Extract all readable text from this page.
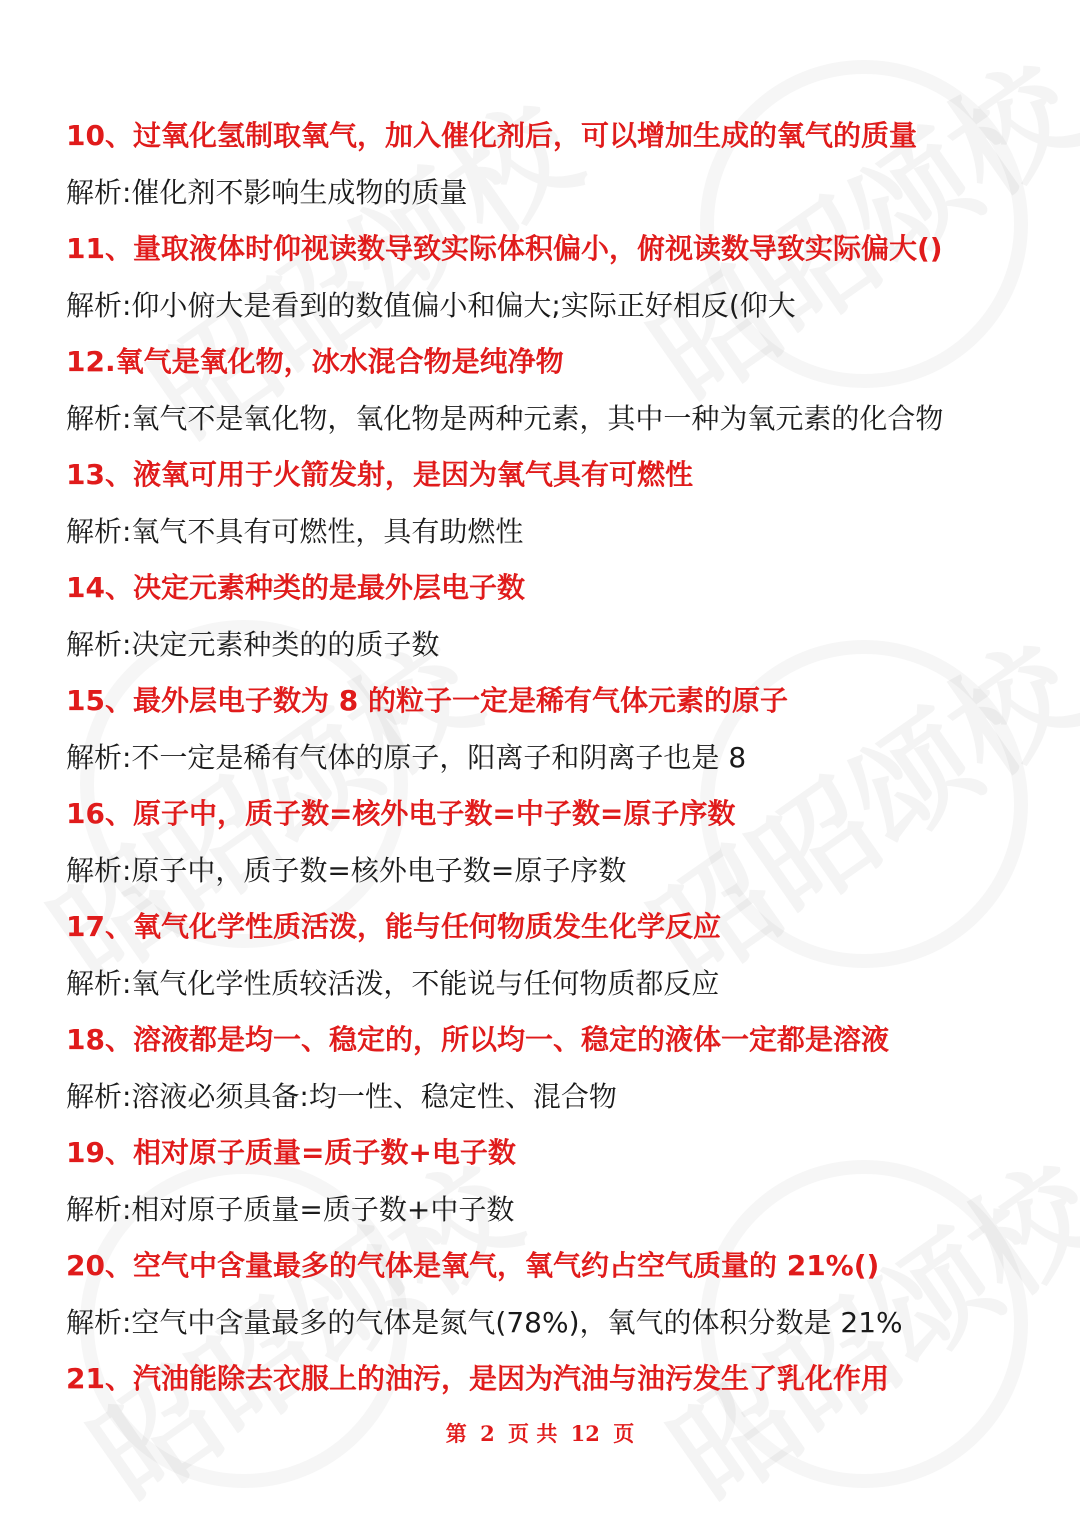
10、过氧化氢制取氧气，加入催化剂后，可以增加生成的氧气的质量
解析:催化剂不影响生成物的质量
11、量取液体时仰视读数导致实际体积偏小，俯视读数导致实际偏大()
解析:仰小俯大是看到的数值偏小和偏大;实际正好相反(仰大
12.氧气是氧化物，冰水混合物是纯净物
解析:氧气不是氧化物，氧化物是两种元素，其中一种为氧元素的化合物
13、液氧可用于火箭发射，是因为氧气具有可燃性
解析:氧气不具有可燃性，具有助燃性
14、决定元素种类的是最外层电子数
解析:决定元素种类的的质子数
15、最外层电子数为 8 的粒子一定是稀有气体元素的原子
解析:不一定是稀有气体的原子，阳离子和阴离子也是 8
16、原子中，质子数=核外电子数=中子数=原子序数
解析:原子中，质子数=核外电子数=原子序数
17、氧气化学性质活泼，能与任何物质发生化学反应
解析:氧气化学性质较活泼，不能说与任何物质都反应
18、溶液都是均一、稳定的，所以均一、稳定的液体一定都是溶液
解析:溶液必须具备:均一性、稳定性、混合物
19、相对原子质量=质子数+电子数
解析:相对原子质量=质子数+中子数
20、空气中含量最多的气体是氧气，氧气约占空气质量的 21%()
解析:空气中含量最多的气体是氮气(78%)，氧气的体积分数是 21%
21、汽油能除去衣服上的油污，是因为汽油与油污发生了乳化作用
第 2 页 共 12 页
